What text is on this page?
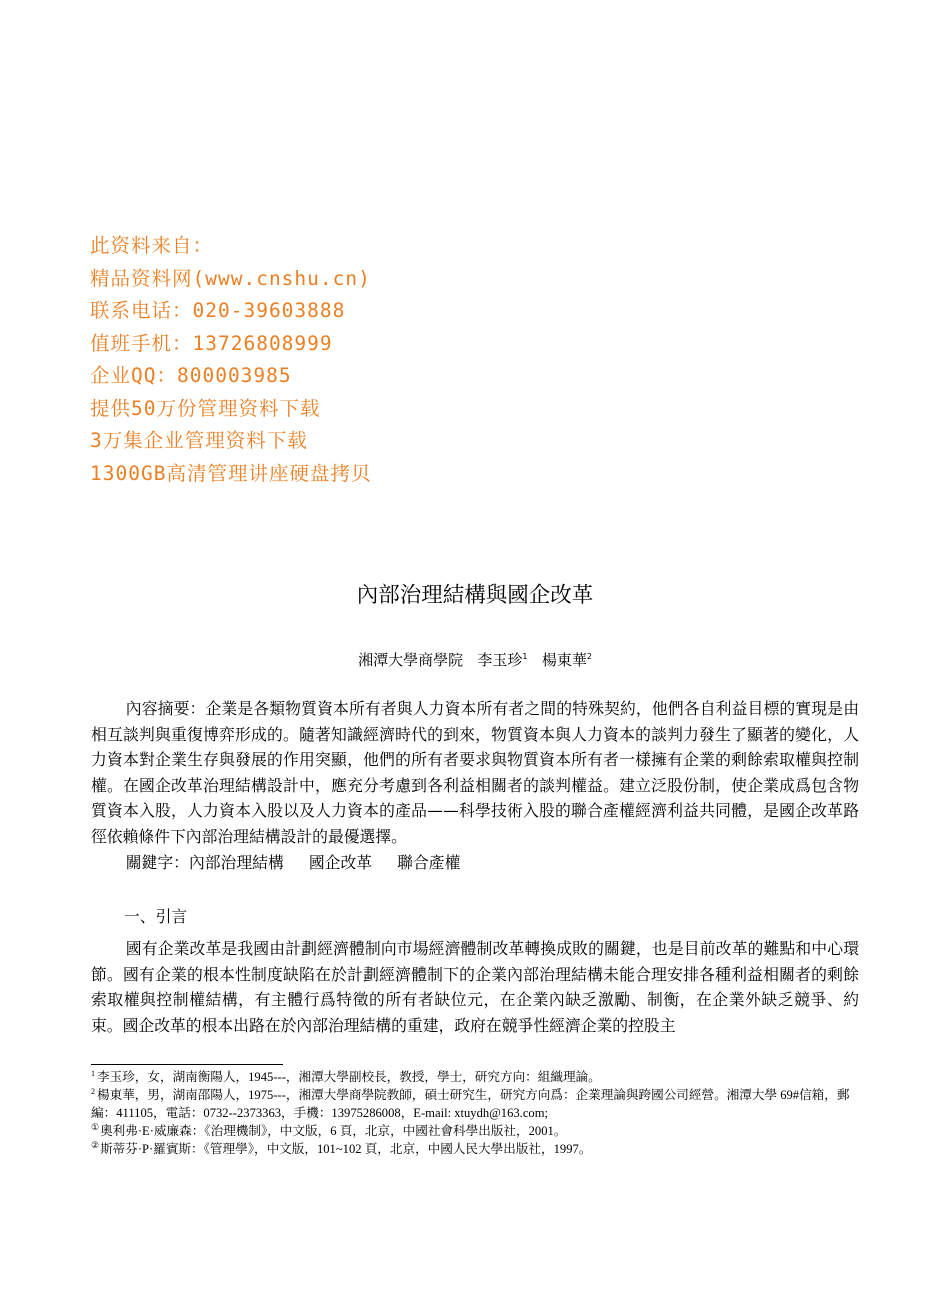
此资料来自：
精品资料网(www.cnshu.cn)
联系电话：020-39603888
值班手机：13726808999
企业QQ：800003985
提供50万份管理资料下载
3万集企业管理资料下载
1300GB高清管理讲座硬盘拷贝
內部治理結構與國企改革
湘潭大學商學院 李玉珍$^1$ 楊東華$^2$

內容摘要：企業是各類物質資本所有者與人力資本所有者之間的特殊契約，他們各自利益目標的實現是由相互談判與重復博弈形成的。隨著知識經濟時代的到來，物質資本與人力資本的談判力發生了顯著的變化，人力資本對企業生存與發展的作用突顯，他們的所有者要求與物質資本所有者一樣擁有企業的剩餘索取權與控制權。在國企改革治理結構設計中，應充分考慮到各利益相關者的談判權益。建立泛股份制，使企業成爲包含物質資本入股，人力資本入股以及人力資本的產品——科學技術入股的聯合產權經濟利益共同體，是國企改革路徑依賴條件下內部治理結構設計的最優選擇。

關鍵字：內部治理結構 國企改革 聯合產權

一、引言

國有企業改革是我國由計劃經濟體制向市場經濟體制改革轉換成敗的關鍵，也是目前改革的難點和中心環節。國有企業的根本性制度缺陷在於計劃經濟體制下的企業內部治理結構未能合理安排各種利益相關者的剩餘索取權與控制權結構，有主體行爲特徵的所有者缺位元，在企業內缺乏激勵、制衡，在企業外缺乏競爭、約束。國企改革的根本出路在於內部治理結構的重建，政府在競爭性經濟企業的控股主

$^1$ 李玉珍，女，湖南衡陽人，1945---，湘潭大學副校長，教授，學士，研究方向：組織理論。

$^2$ 楊東華，男，湖南邵陽人，1975---，湘潭大學商學院教師，碩士研究生，研究方向爲：企業理論與跨國公司經營。湘潭大學 69#信箱，郵編：411105，電話：0732--2373363，手機：13975286008，E-mail: xtuydh@163.com;

①奧利弗·E·威廉森：《治理機制》，中文版，6 頁，北京，中國社會科學出版社，2001。

②斯蒂芬·P·羅賓斯：《管理學》，中文版，101~102 頁，北京，中國人民大學出版社，1997。
